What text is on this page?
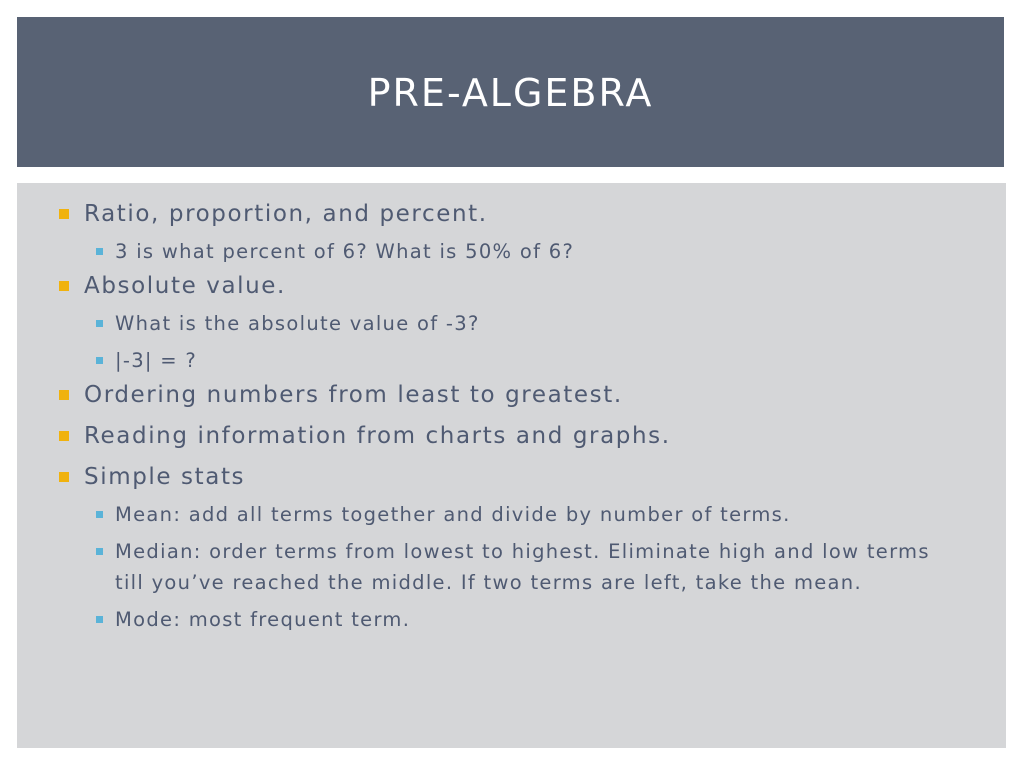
PRE-ALGEBRA
Ratio, proportion, and percent.
3 is what percent of 6? What is 50% of 6?
Absolute value.
What is the absolute value of -3?
|-3| = ?
Ordering numbers from least to greatest.
Reading information from charts and graphs.
Simple stats
Mean: add all terms together and divide by number of terms.
Median: order terms from lowest to highest. Eliminate high and low terms till you’ve reached the middle. If two terms are left, take the mean.
Mode: most frequent term.
